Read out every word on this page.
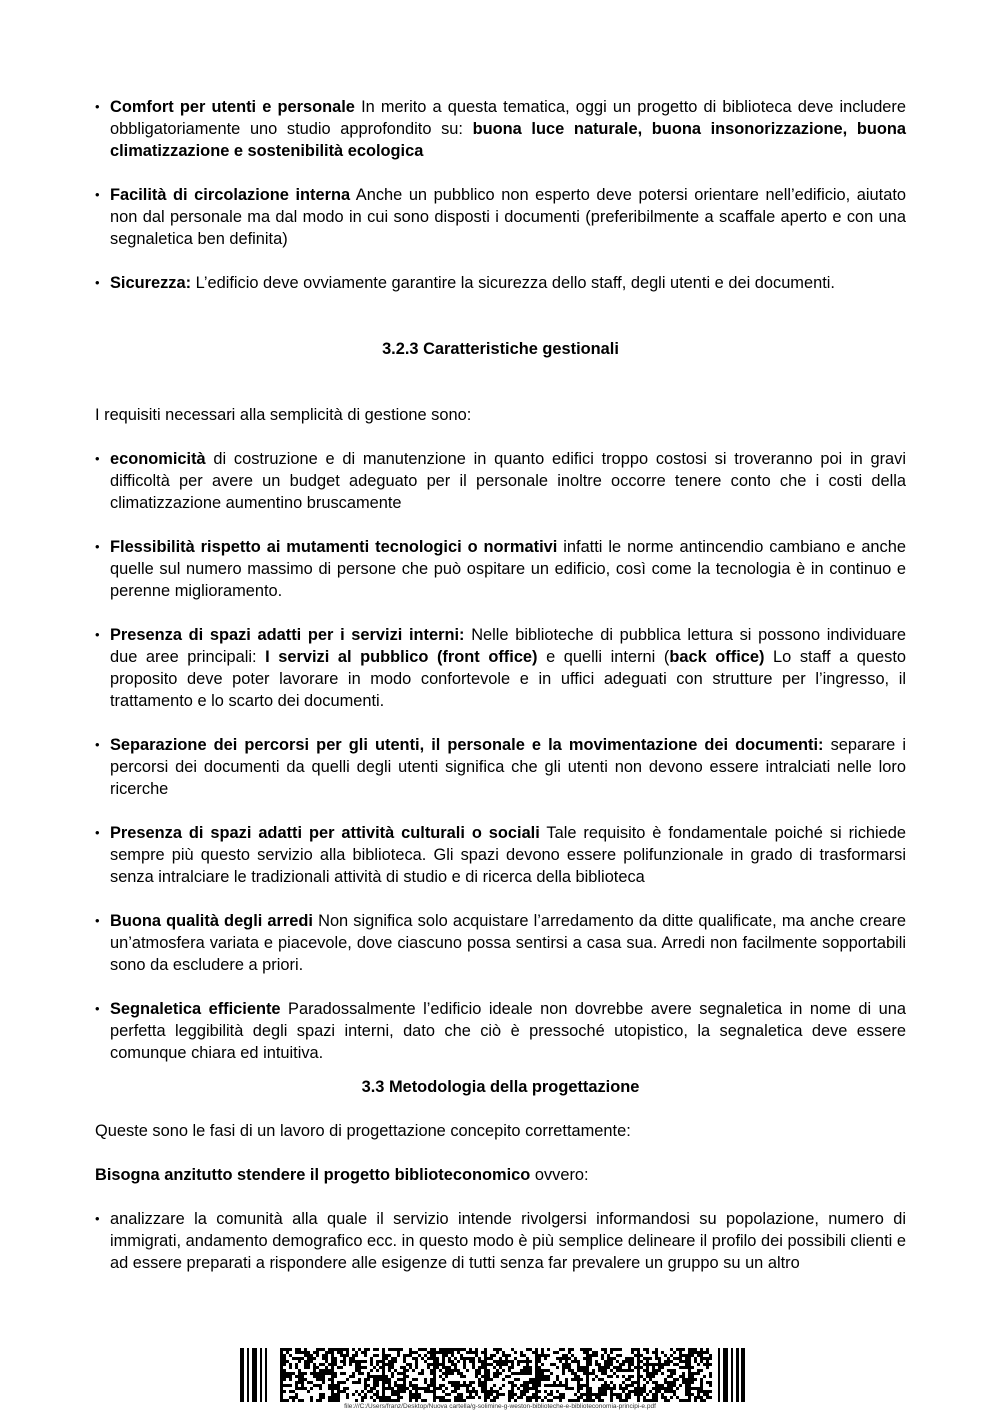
• Comfort per utenti e personale In merito a questa tematica, oggi un progetto di biblioteca deve includere obbligatoriamente uno studio approfondito su: buona luce naturale, buona insonorizzazione, buona climatizzazione e sostenibilità ecologica
• Facilità di circolazione interna Anche un pubblico non esperto deve potersi orientare nell’edificio, aiutato non dal personale ma dal modo in cui sono disposti i documenti (preferibilmente a scaffale aperto e con una segnaletica ben definita)
• Sicurezza: L’edificio deve ovviamente garantire la sicurezza dello staff, degli utenti e dei documenti.

3.2.3 Caratteristiche gestionali

I requisiti necessari alla semplicità di gestione sono:

• economicità di costruzione e di manutenzione in quanto edifici troppo costosi si troveranno poi in gravi difficoltà per avere un budget adeguato per il personale inoltre occorre tenere conto che i costi della climatizzazione aumentino bruscamente
• Flessibilità rispetto ai mutamenti tecnologici o normativi infatti le norme antincendio cambiano e anche quelle sul numero massimo di persone che può ospitare un edificio, così come la tecnologia è in continuo e perenne miglioramento.
• Presenza di spazi adatti per i servizi interni: Nelle biblioteche di pubblica lettura si possono individuare due aree principali: I servizi al pubblico (front office) e quelli interni (back office) Lo staff a questo proposito deve poter lavorare in modo confortevole e in uffici adeguati con strutture per l’ingresso, il trattamento e lo scarto dei documenti.
• Separazione dei percorsi per gli utenti, il personale e la movimentazione dei documenti: separare i percorsi dei documenti da quelli degli utenti significa che gli utenti non devono essere intralciati nelle loro ricerche
• Presenza di spazi adatti per attività culturali o sociali Tale requisito è fondamentale poiché si richiede sempre più questo servizio alla biblioteca. Gli spazi devono essere polifunzionale in grado di trasformarsi senza intralciare le tradizionali attività di studio e di ricerca della biblioteca
• Buona qualità degli arredi Non significa solo acquistare l’arredamento da ditte qualificate, ma anche creare un’atmosfera variata e piacevole, dove ciascuno possa sentirsi a casa sua. Arredi non facilmente sopportabili sono da escludere a priori.
• Segnaletica efficiente Paradossalmente l’edificio ideale non dovrebbe avere segnaletica in nome di una perfetta leggibilità degli spazi interni, dato che ciò è pressoché utopistico, la segnaletica deve essere comunque chiara ed intuitiva.

3.3 Metodologia della progettazione

Queste sono le fasi di un lavoro di progettazione concepito correttamente:

Bisogna anzitutto stendere il progetto biblioteconomico ovvero:

• analizzare la comunità alla quale il servizio intende rivolgersi informandosi su popolazione, numero di immigrati, andamento demografico ecc. in questo modo è più semplice delineare il profilo dei possibili clienti e ad essere preparati a rispondere alle esigenze di tutti senza far prevalere un gruppo su un altro
file:///C:/Users/franz/Desktop/Nuova cartella/g-solimine-g-weston-biblioteche-e-biblioteconomia-principi-e.pdf
